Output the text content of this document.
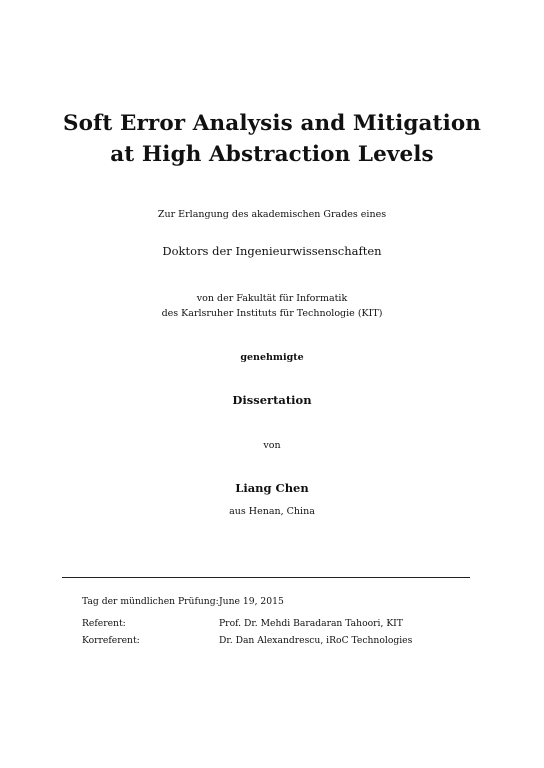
Soft Error Analysis and Mitigation
at High Abstraction Levels
Zur Erlangung des akademischen Grades eines
Doktors der Ingenieurwissenschaften
von der Fakultät für Informatik
des Karlsruher Instituts für Technologie (KIT)
genehmigte
Dissertation
von
Liang Chen
aus Henan, China
Tag der mündlichen Prüfung: June 19, 2015
Referent:	Prof. Dr. Mehdi Baradaran Tahoori, KIT
Korreferent:	Dr. Dan Alexandrescu, iRoC Technologies
